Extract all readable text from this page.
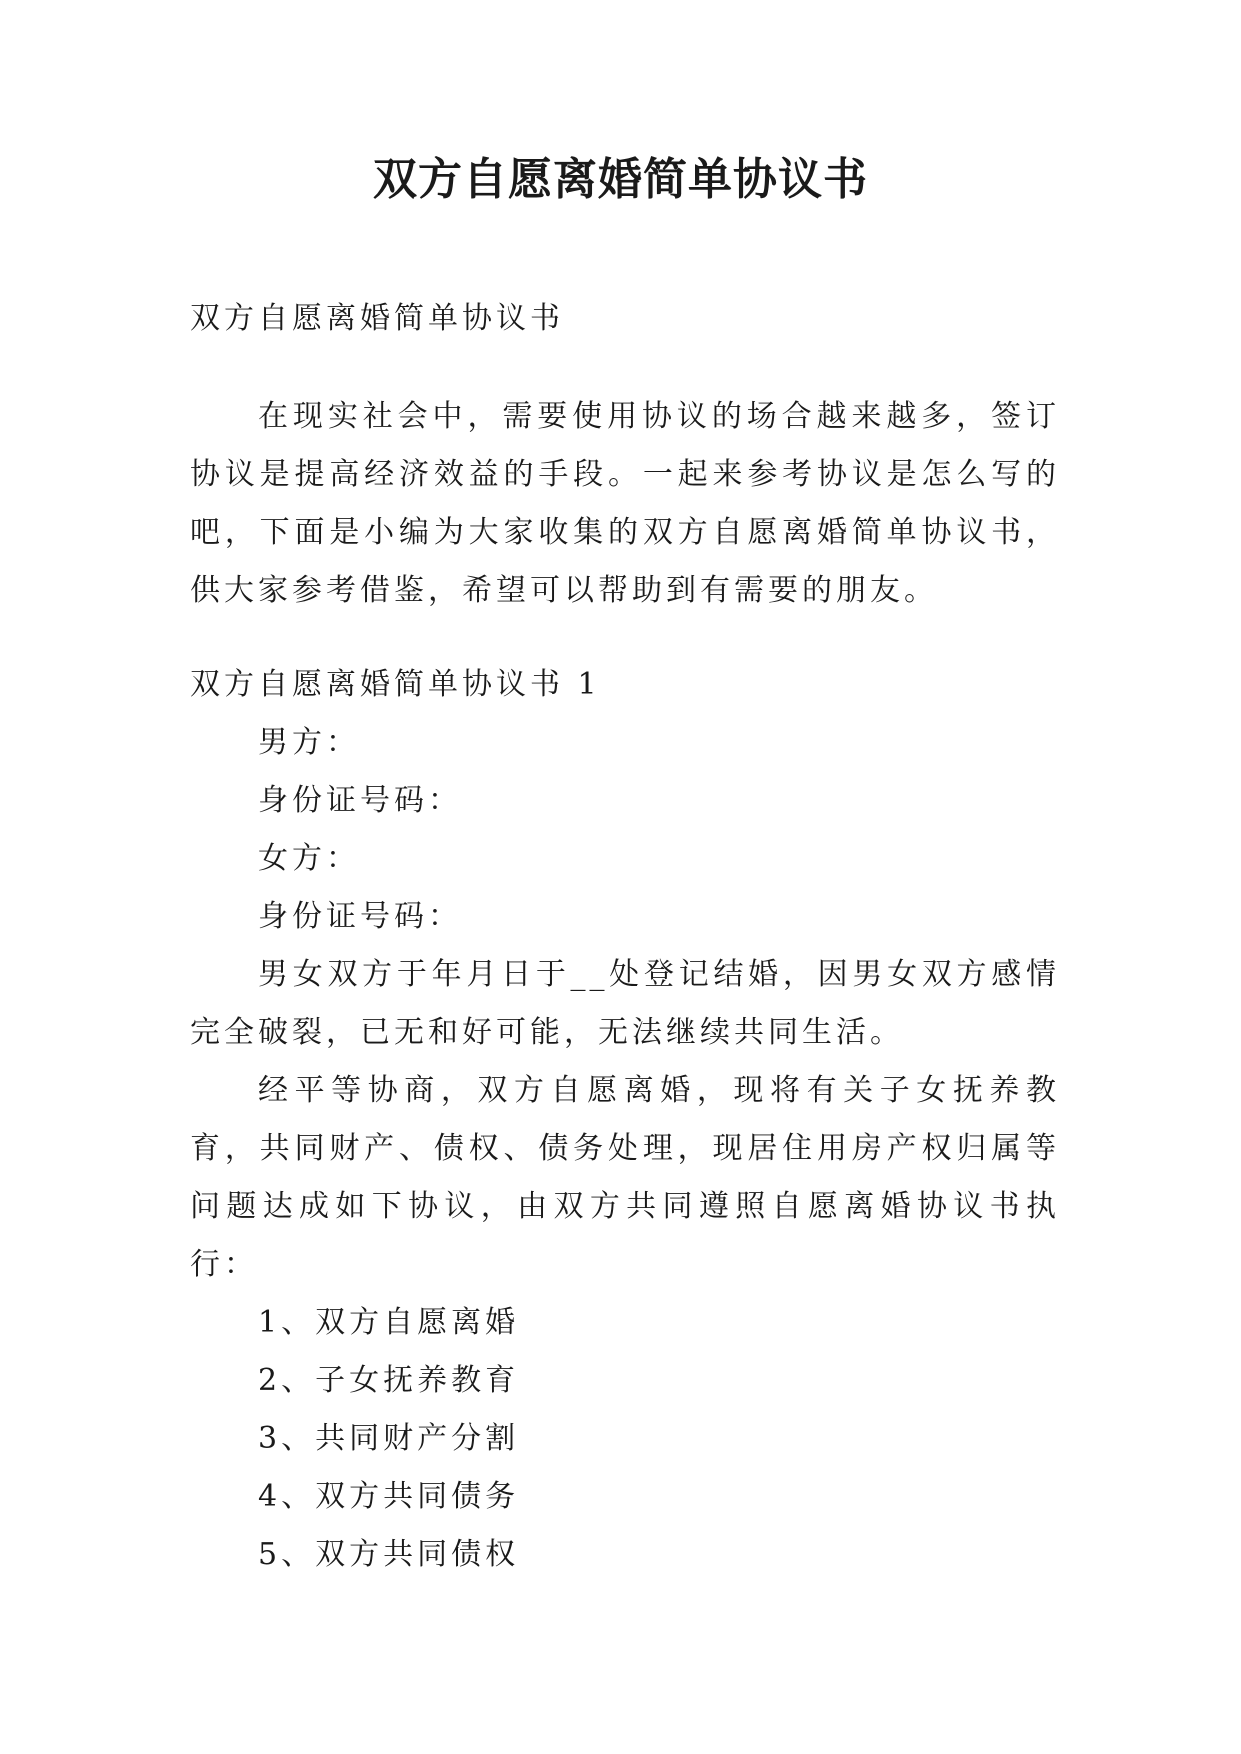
双方自愿离婚简单协议书

双方自愿离婚简单协议书

在现实社会中，需要使用协议的场合越来越多，签订协议是提高经济效益的手段。一起来参考协议是怎么写的吧，下面是小编为大家收集的双方自愿离婚简单协议书，供大家参考借鉴，希望可以帮助到有需要的朋友。

双方自愿离婚简单协议书 1

男方：

身份证号码：

女方：

身份证号码：

男女双方于年月日于__处登记结婚，因男女双方感情完全破裂，已无和好可能，无法继续共同生活。

经平等协商，双方自愿离婚，现将有关子女抚养教育，共同财产、债权、债务处理，现居住用房产权归属等问题达成如下协议，由双方共同遵照自愿离婚协议书执行：

1、双方自愿离婚

2、子女抚养教育

3、共同财产分割

4、双方共同债务

5、双方共同债权
